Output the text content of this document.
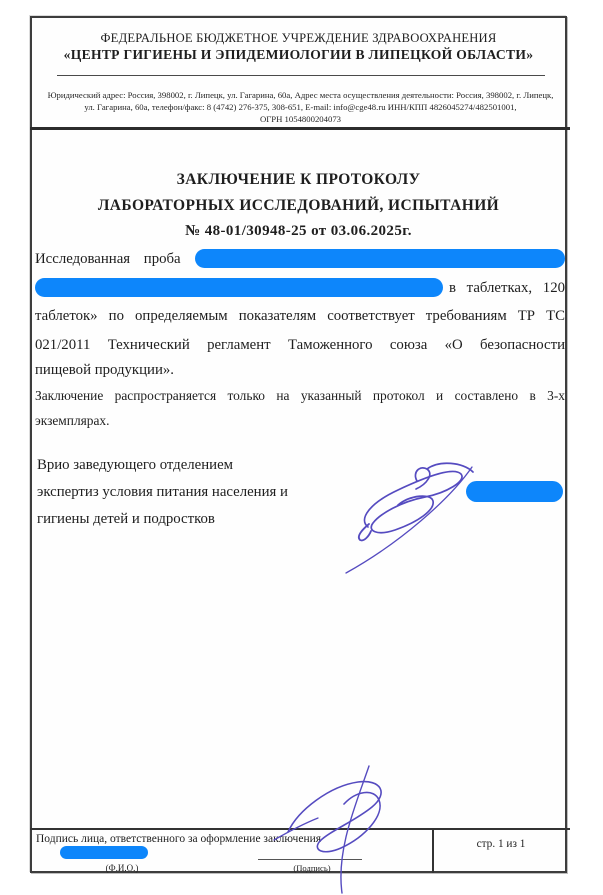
ФЕДЕРАЛЬНОЕ БЮДЖЕТНОЕ УЧРЕЖДЕНИЕ ЗДРАВООХРАНЕНИЯ
«ЦЕНТР ГИГИЕНЫ И ЭПИДЕМИОЛОГИИ В ЛИПЕЦКОЙ ОБЛАСТИ»
Юридический адрес: Россия, 398002, г. Липецк, ул. Гагарина, 60а, Адрес места осуществления деятельности: Россия, 398002, г. Липецк,
ул. Гагарина, 60а, телефон/факс: 8 (4742) 276-375, 308-651, E-mail: info@cge48.ru ИНН/КПП 4826045274/482501001,
ОГРН 1054800204073
ЗАКЛЮЧЕНИЕ К ПРОТОКОЛУ
ЛАБОРАТОРНЫХ ИССЛЕДОВАНИЙ, ИСПЫТАНИЙ
№ 48-01/30948-25 от 03.06.2025г.
Исследованная проба
в таблетках, 120
таблеток» по определяемым показателям соответствует требованиям ТР ТС
021/2011 Технический регламент Таможенного союза «О безопасности
пищевой продукции».
Заключение распространяется только на указанный протокол и составлено в 3-х
экземплярах.
Врио заведующего отделением
экспертиз условия питания населения и
гигиены детей и подростков
Подпись лица, ответственного за оформление заключения
(Ф.И.О.)	(Подпись)
стр. 1 из 1
